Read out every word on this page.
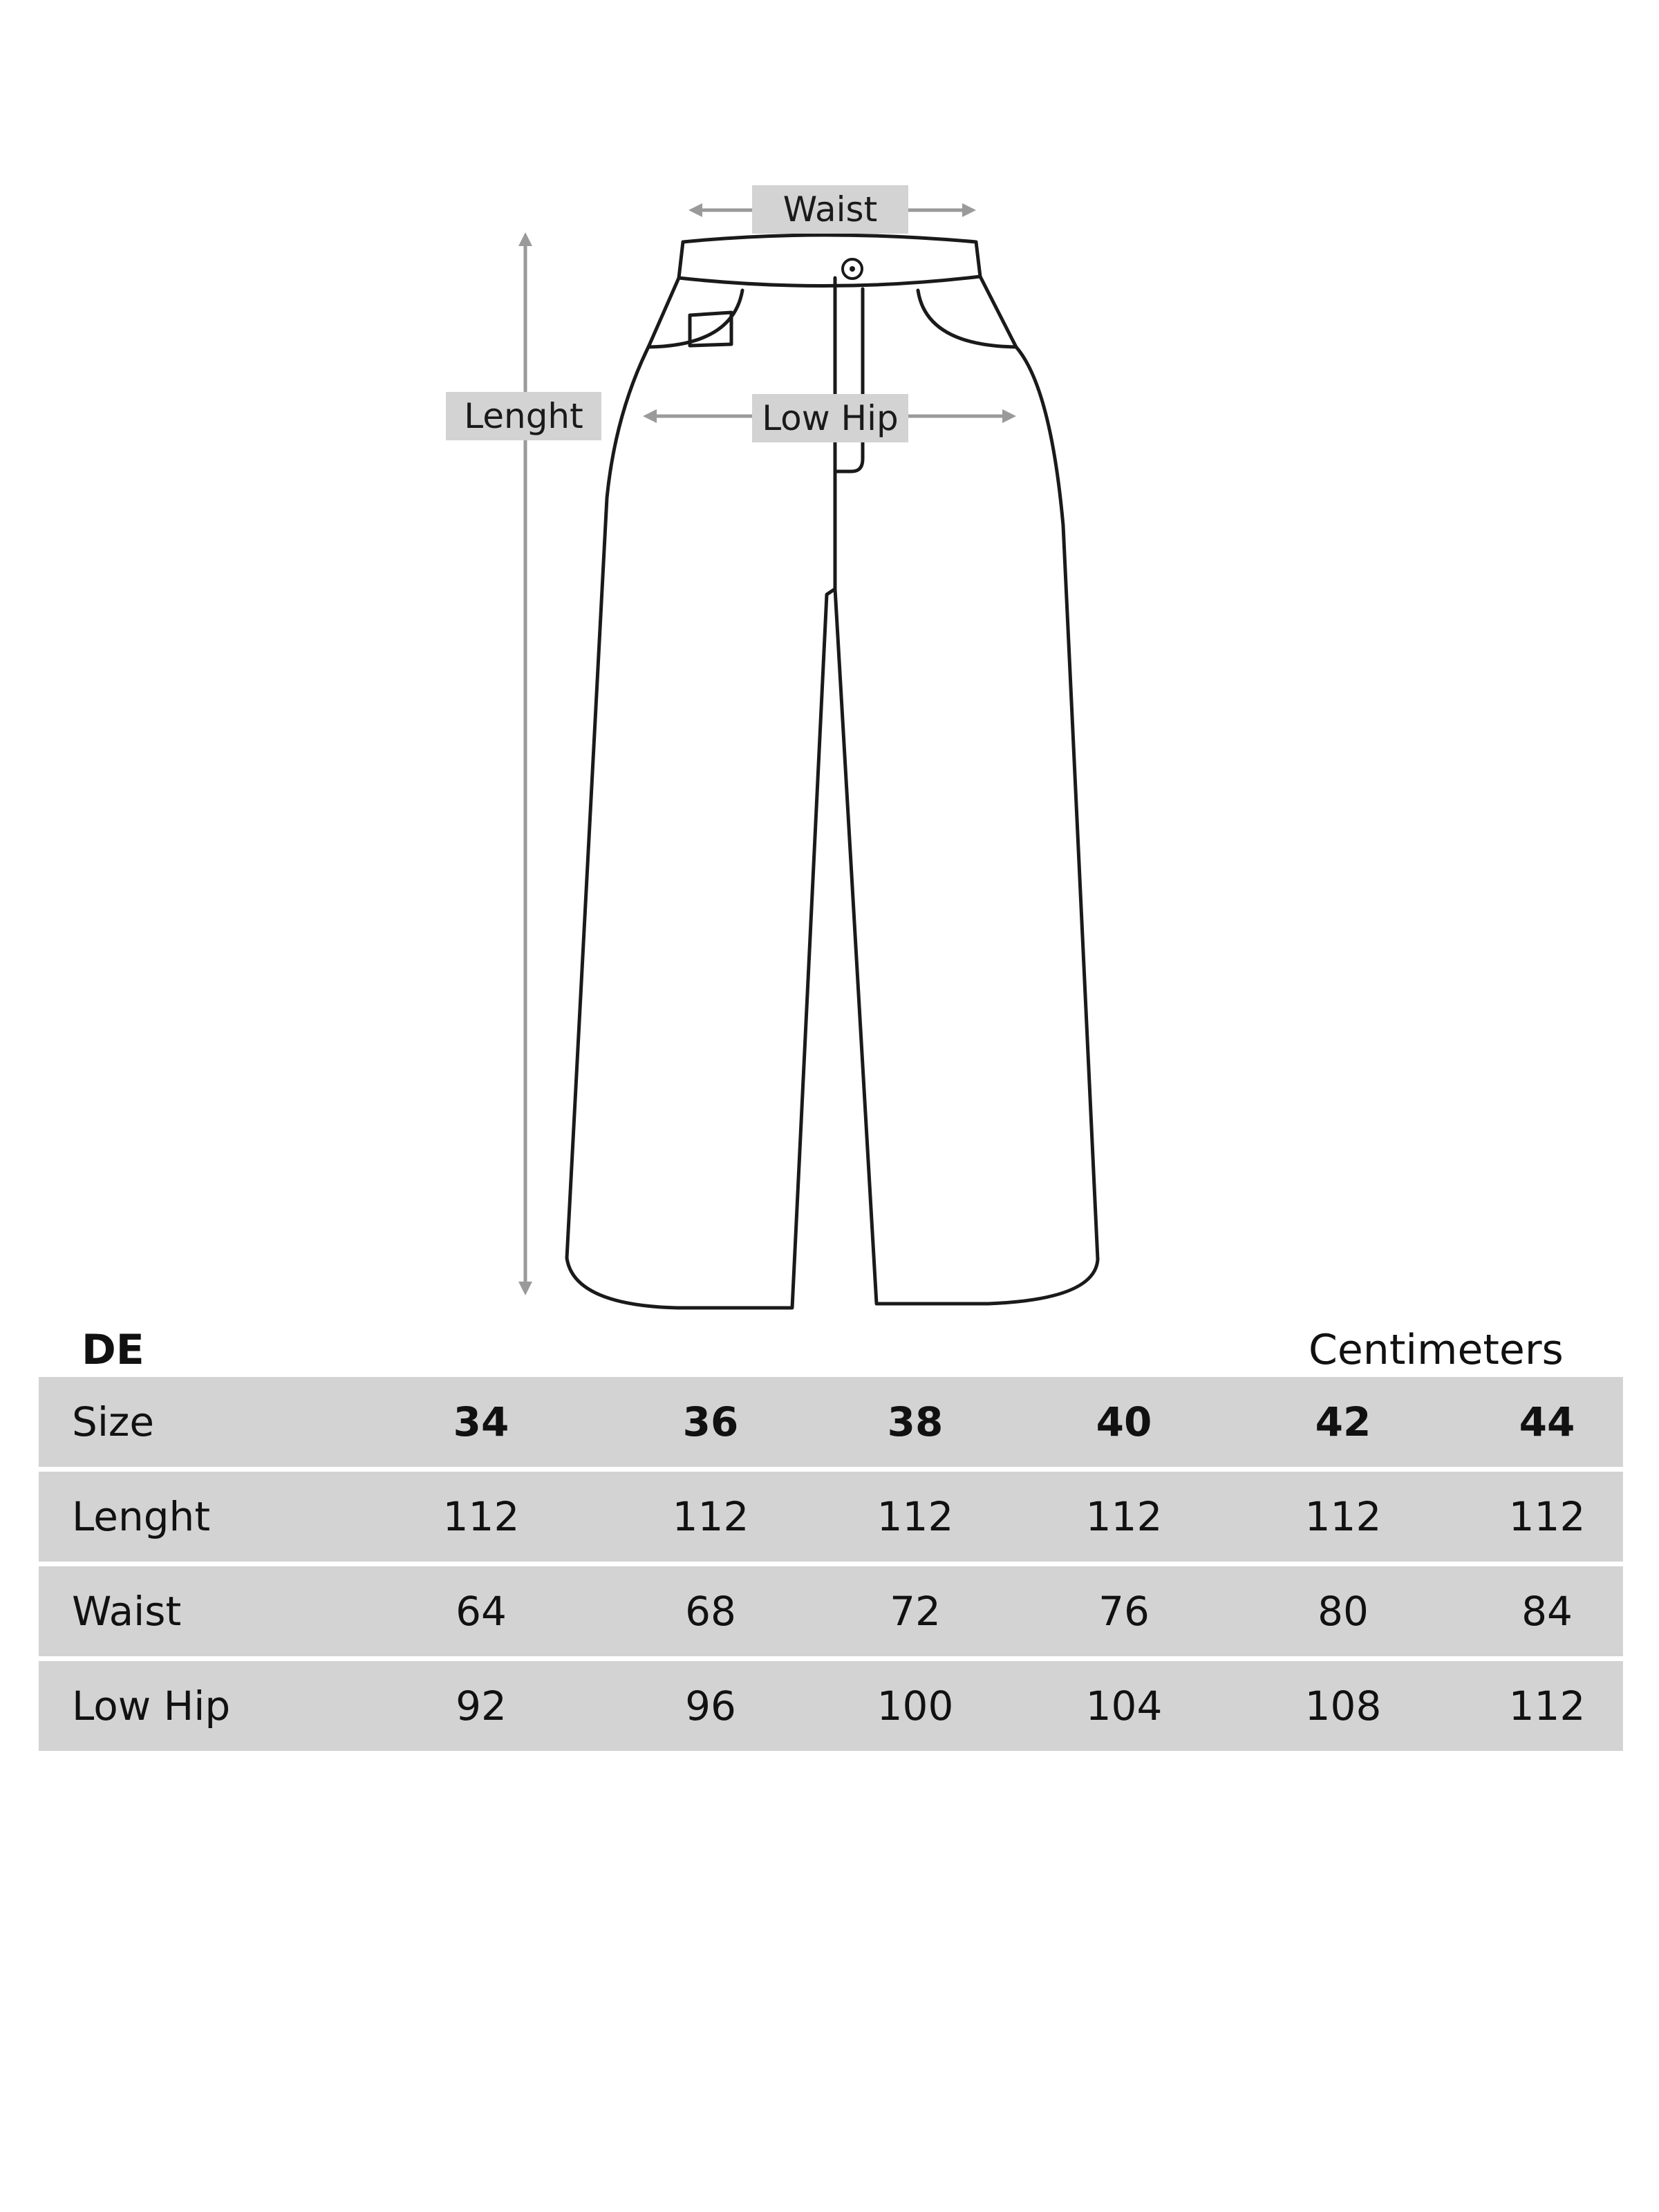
Waist
Lenght	Low Hip
DE	Centimeters
Size	34	36	38	40	42	44
Lenght	112	112	112	112	112	112
Waist	64	68	72	76	80	84
Low Hip	92	96	100	104	108	112
